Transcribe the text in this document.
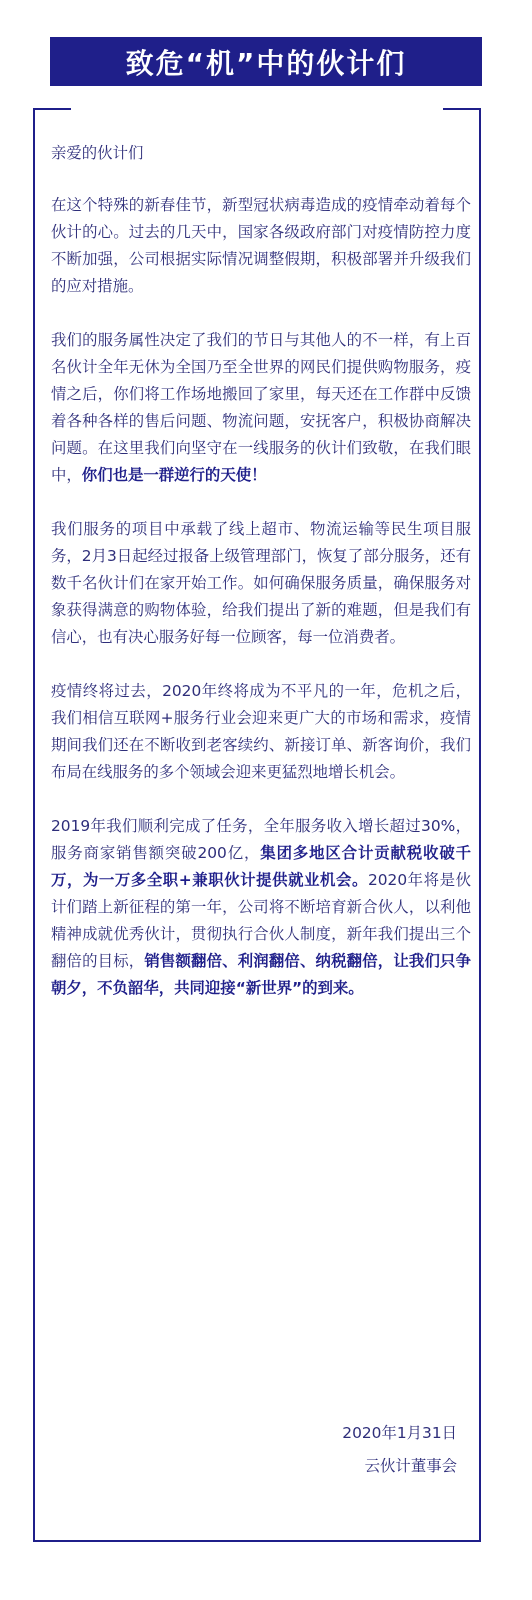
致危“机”中的伙计们

亲爱的伙计们

在这个特殊的新春佳节，新型冠状病毒造成的疫情牵动着每个伙计的心。过去的几天中，国家各级政府部门对疫情防控力度不断加强，公司根据实际情况调整假期，积极部署并升级我们的应对措施。

我们的服务属性决定了我们的节日与其他人的不一样，有上百名伙计全年无休为全国乃至全世界的网民们提供购物服务，疫情之后，你们将工作场地搬回了家里，每天还在工作群中反馈着各种各样的售后问题、物流问题，安抚客户，积极协商解决问题。在这里我们向坚守在一线服务的伙计们致敬，在我们眼中，你们也是一群逆行的天使！

我们服务的项目中承载了线上超市、物流运输等民生项目服务，2月3日起经过报备上级管理部门，恢复了部分服务，还有数千名伙计们在家开始工作。如何确保服务质量，确保服务对象获得满意的购物体验，给我们提出了新的难题，但是我们有信心，也有决心服务好每一位顾客，每一位消费者。

疫情终将过去，2020年终将成为不平凡的一年，危机之后，我们相信互联网+服务行业会迎来更广大的市场和需求，疫情期间我们还在不断收到老客续约、新接订单、新客询价，我们布局在线服务的多个领域会迎来更猛烈地增长机会。

2019年我们顺利完成了任务，全年服务收入增长超过30%，服务商家销售额突破200亿，集团多地区合计贡献税收破千万，为一万多全职+兼职伙计提供就业机会。2020年将是伙计们踏上新征程的第一年，公司将不断培育新合伙人，以利他精神成就优秀伙计，贯彻执行合伙人制度，新年我们提出三个翻倍的目标，销售额翻倍、利润翻倍、纳税翻倍，让我们只争朝夕，不负韶华，共同迎接“新世界”的到来。

2020年1月31日
云伙计董事会
